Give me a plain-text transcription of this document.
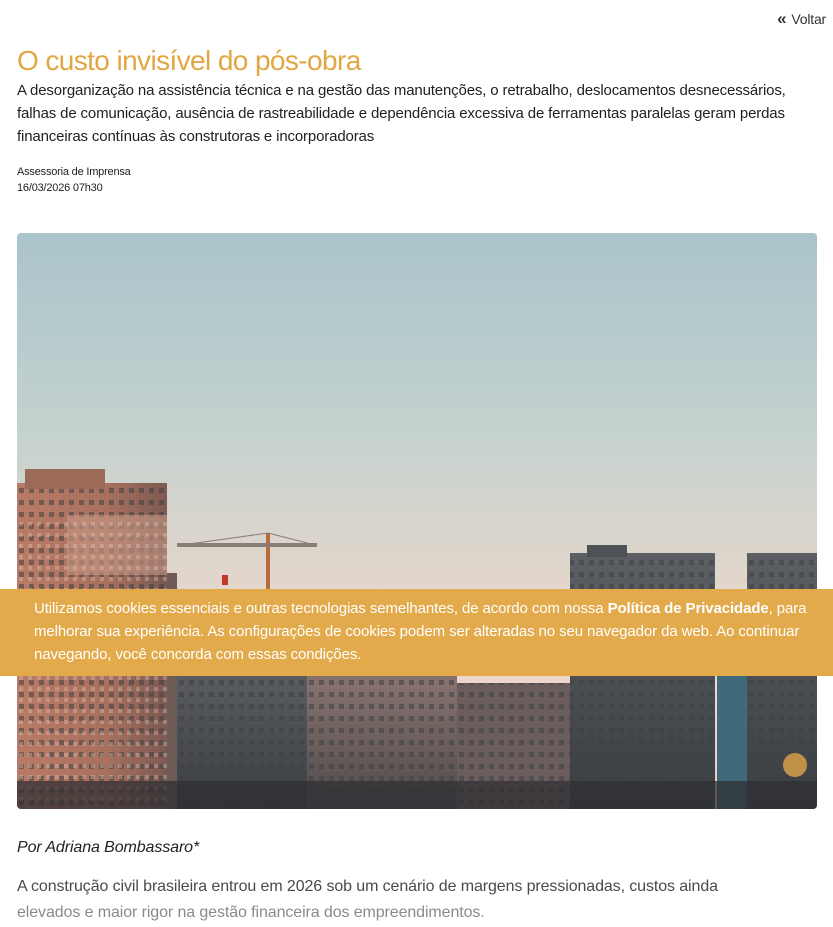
« Voltar
O custo invisível do pós-obra

A desorganização na assistência técnica e na gestão das manutenções, o retrabalho, deslocamentos desnecessários, falhas de comunicação, ausência de rastreabilidade e dependência excessiva de ferramentas paralelas geram perdas financeiras contínuas às construtoras e incorporadoras

Assessoria de Imprensa
16/03/2026 07h30
Utilizamos cookies essenciais e outras tecnologias semelhantes, de acordo com nossa Política de Privacidade, para melhorar sua experiência. As configurações de cookies podem ser alteradas no seu navegador da web. Ao continuar navegando, você concorda com essas condições.
Por Adriana Bombassaro*

A construção civil brasileira entrou em 2026 sob um cenário de margens pressionadas, custos ainda
elevados e maior rigor na gestão financeira dos empreendimentos.
